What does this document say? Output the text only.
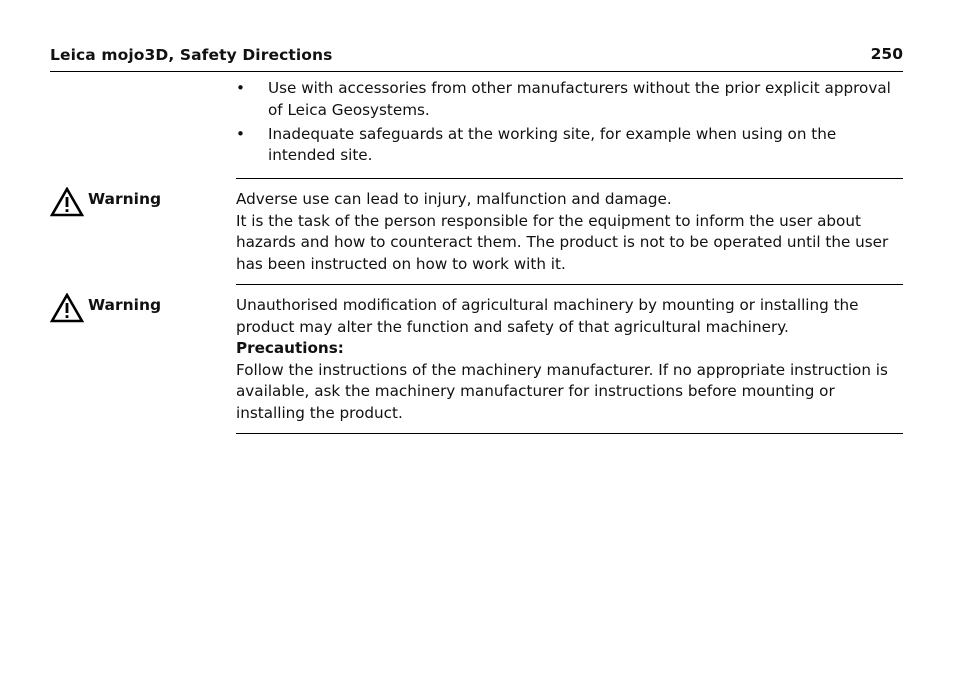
Leica mojo3D, Safety Directions	250
• Use with accessories from other manufacturers without the prior explicit approval of Leica Geosystems.
• Inadequate safeguards at the working site, for example when using on the intended site.
Warning	Adverse use can lead to injury, malfunction and damage.

It is the task of the person responsible for the equipment to inform the user about hazards and how to counteract them. The product is not to be operated until the user has been instructed on how to work with it.

Warning	Unauthorised modification of agricultural machinery by mounting or installing the product may alter the function and safety of that agricultural machinery.

Precautions:

Follow the instructions of the machinery manufacturer. If no appropriate instruction is available, ask the machinery manufacturer for instructions before mounting or installing the product.
